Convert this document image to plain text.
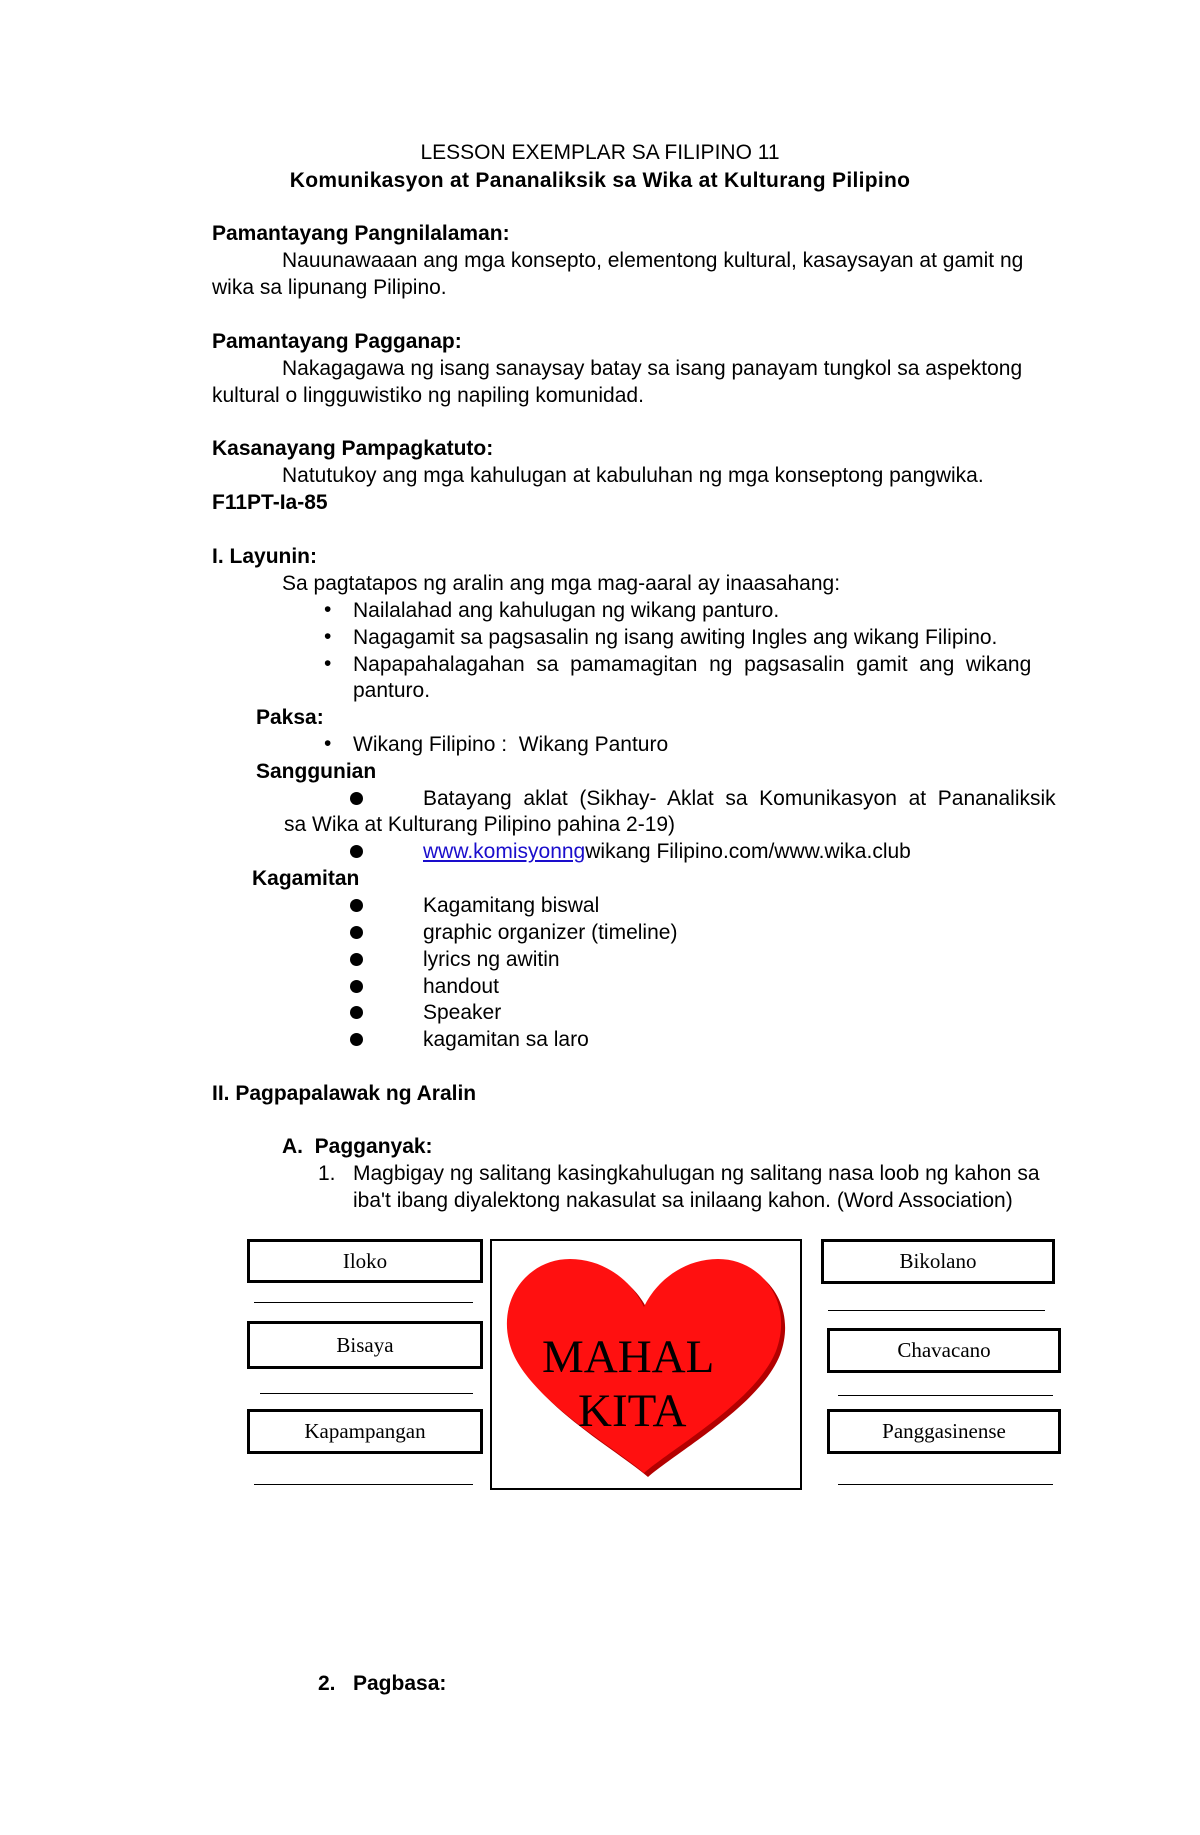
LESSON EXEMPLAR SA FILIPINO 11
Komunikasyon at Pananaliksik sa Wika at Kulturang Pilipino
Pamantayang Pangnilalaman:
Nauunawaaan ang mga konsepto, elementong kultural, kasaysayan at gamit ng
wika sa lipunang Pilipino.
Pamantayang Pagganap:
Nakagagawa ng isang sanaysay batay sa isang panayam tungkol sa aspektong
kultural o lingguwistiko ng napiling komunidad.
Kasanayang Pampagkatuto:
Natutukoy ang mga kahulugan at kabuluhan ng mga konseptong pangwika.
F11PT-Ia-85
I. Layunin:
Sa pagtatapos ng aralin ang mga mag-aaral ay inaasahang:
• Nailalahad ang kahulugan ng wikang panturo.
• Nagagamit sa pagsasalin ng isang awiting Ingles ang wikang Filipino.
• Napapahalagahan  sa  pamamagitan  ng  pagsasalin  gamit  ang  wikang
panturo.
Paksa:
• Wikang Filipino :  Wikang Panturo
Sanggunian
Batayang  aklat  (Sikhay-  Aklat  sa  Komunikasyon  at  Pananaliksik
sa Wika at Kulturang Pilipino pahina 2-19)
www.komisyonngwikang Filipino.com/www.wika.club
Kagamitan
Kagamitang biswal
graphic organizer (timeline)
lyrics ng awitin
handout
Speaker
kagamitan sa laro
II. Pagpapalawak ng Aralin
A.  Pagganyak:
1. Magbigay ng salitang kasingkahulugan ng salitang nasa loob ng kahon sa
iba't ibang diyalektong nakasulat sa inilaang kahon. (Word Association)
Iloko
Bisaya
Kapampangan
MAHAL
KITA
Bikolano
Chavacano
Panggasinense
2. Pagbasa:
